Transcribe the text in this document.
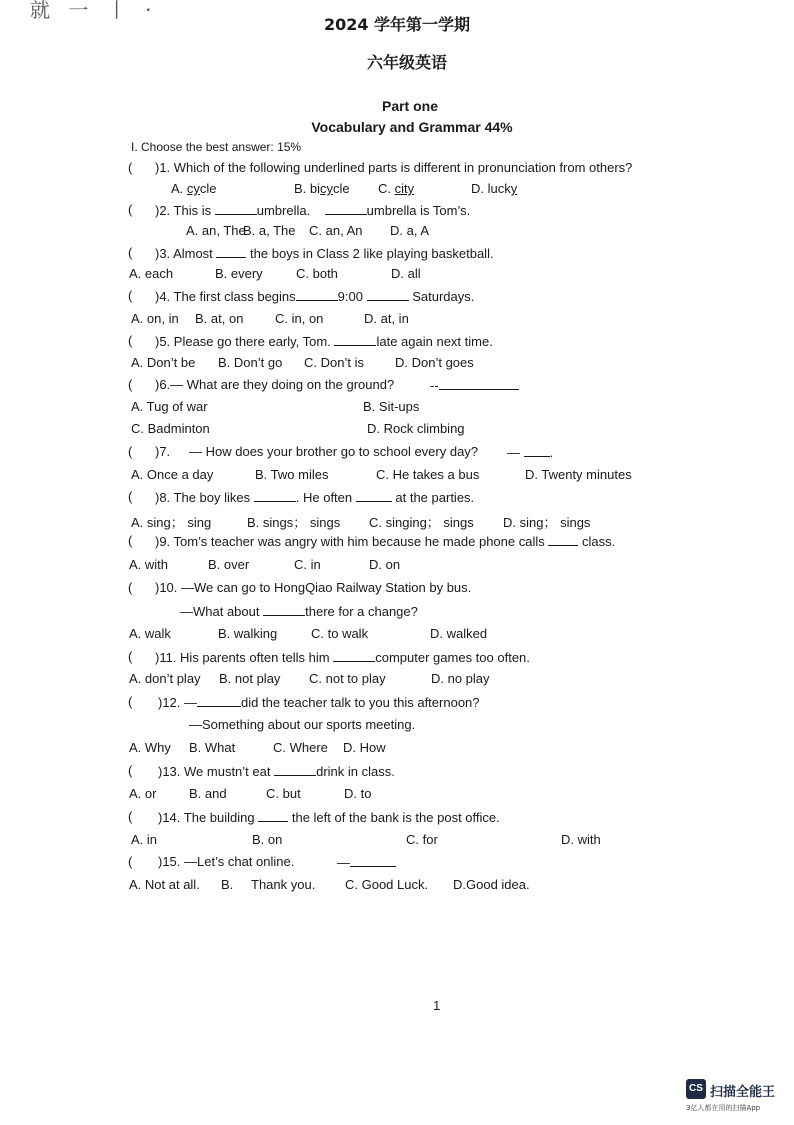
就 一 丨 ·
2024 学年第一学期
六年级英语
Part one
Vocabulary and Grammar 44%
I. Choose the best answer: 15%
( )1. Which of the following underlined parts is different in pronunciation from others?
A. cycle	B. bicycle C. city	D. lucky
( )2. This is	umbrella.	umbrella is Tom’s.
A. an, The
B. a, The C. an, An D. a, A
( )3. Almost	the boys in Class 2 like playing basketball.
A. each	B. every	C. both	D. all
( )4. The first class begins	9:00	Saturdays.
A. on, in B. at, on C. in, on	D. at, in
( )5. Please go there early, Tom.	late again next time.
A. Don’t be B. Don’t go C. Don’t is D. Don’t goes
( )6.— What are they doing on the ground?	--
A. Tug of war	B. Sit-ups
C. Badminton	D. Rock climbing
( )7. — How does your brother go to school every day? — .
A. Once a day	B. Two miles	C. He takes a bus	D. Twenty minutes
( )8. The boy likes	. He often	at the parties.
A. sing； sing	B. sings； sings C. singing； sings D. sing； sings
( )9. Tom’s teacher was angry with him because he made phone calls	class.
A. with	B. over	C. in	D. on
( )10. —We can go to HongQiao Railway Station by bus.
—What about	there for a change?
A. walk	B. walking	C. to walk	D. walked
( )11. His parents often tells him	computer games too often.
A. don’t play B. not play C. not to play	D. no play
( )12. —	did the teacher talk to you this afternoon?
—Something about our sports meeting.
A. Why B. What	C. Where D. How
( )13. We mustn’t eat	drink in class.
A. or	B. and	C. but	D. to
( )14. The building	the left of the bank is the post office.
A. in	B. on	C. for	D. with
( )15. —Let’s chat online.	—
A. Not at all. B. Thank you. C. Good Luck. D.Good idea.
1
CS 扫描全能王
3亿人都在用的扫描App
